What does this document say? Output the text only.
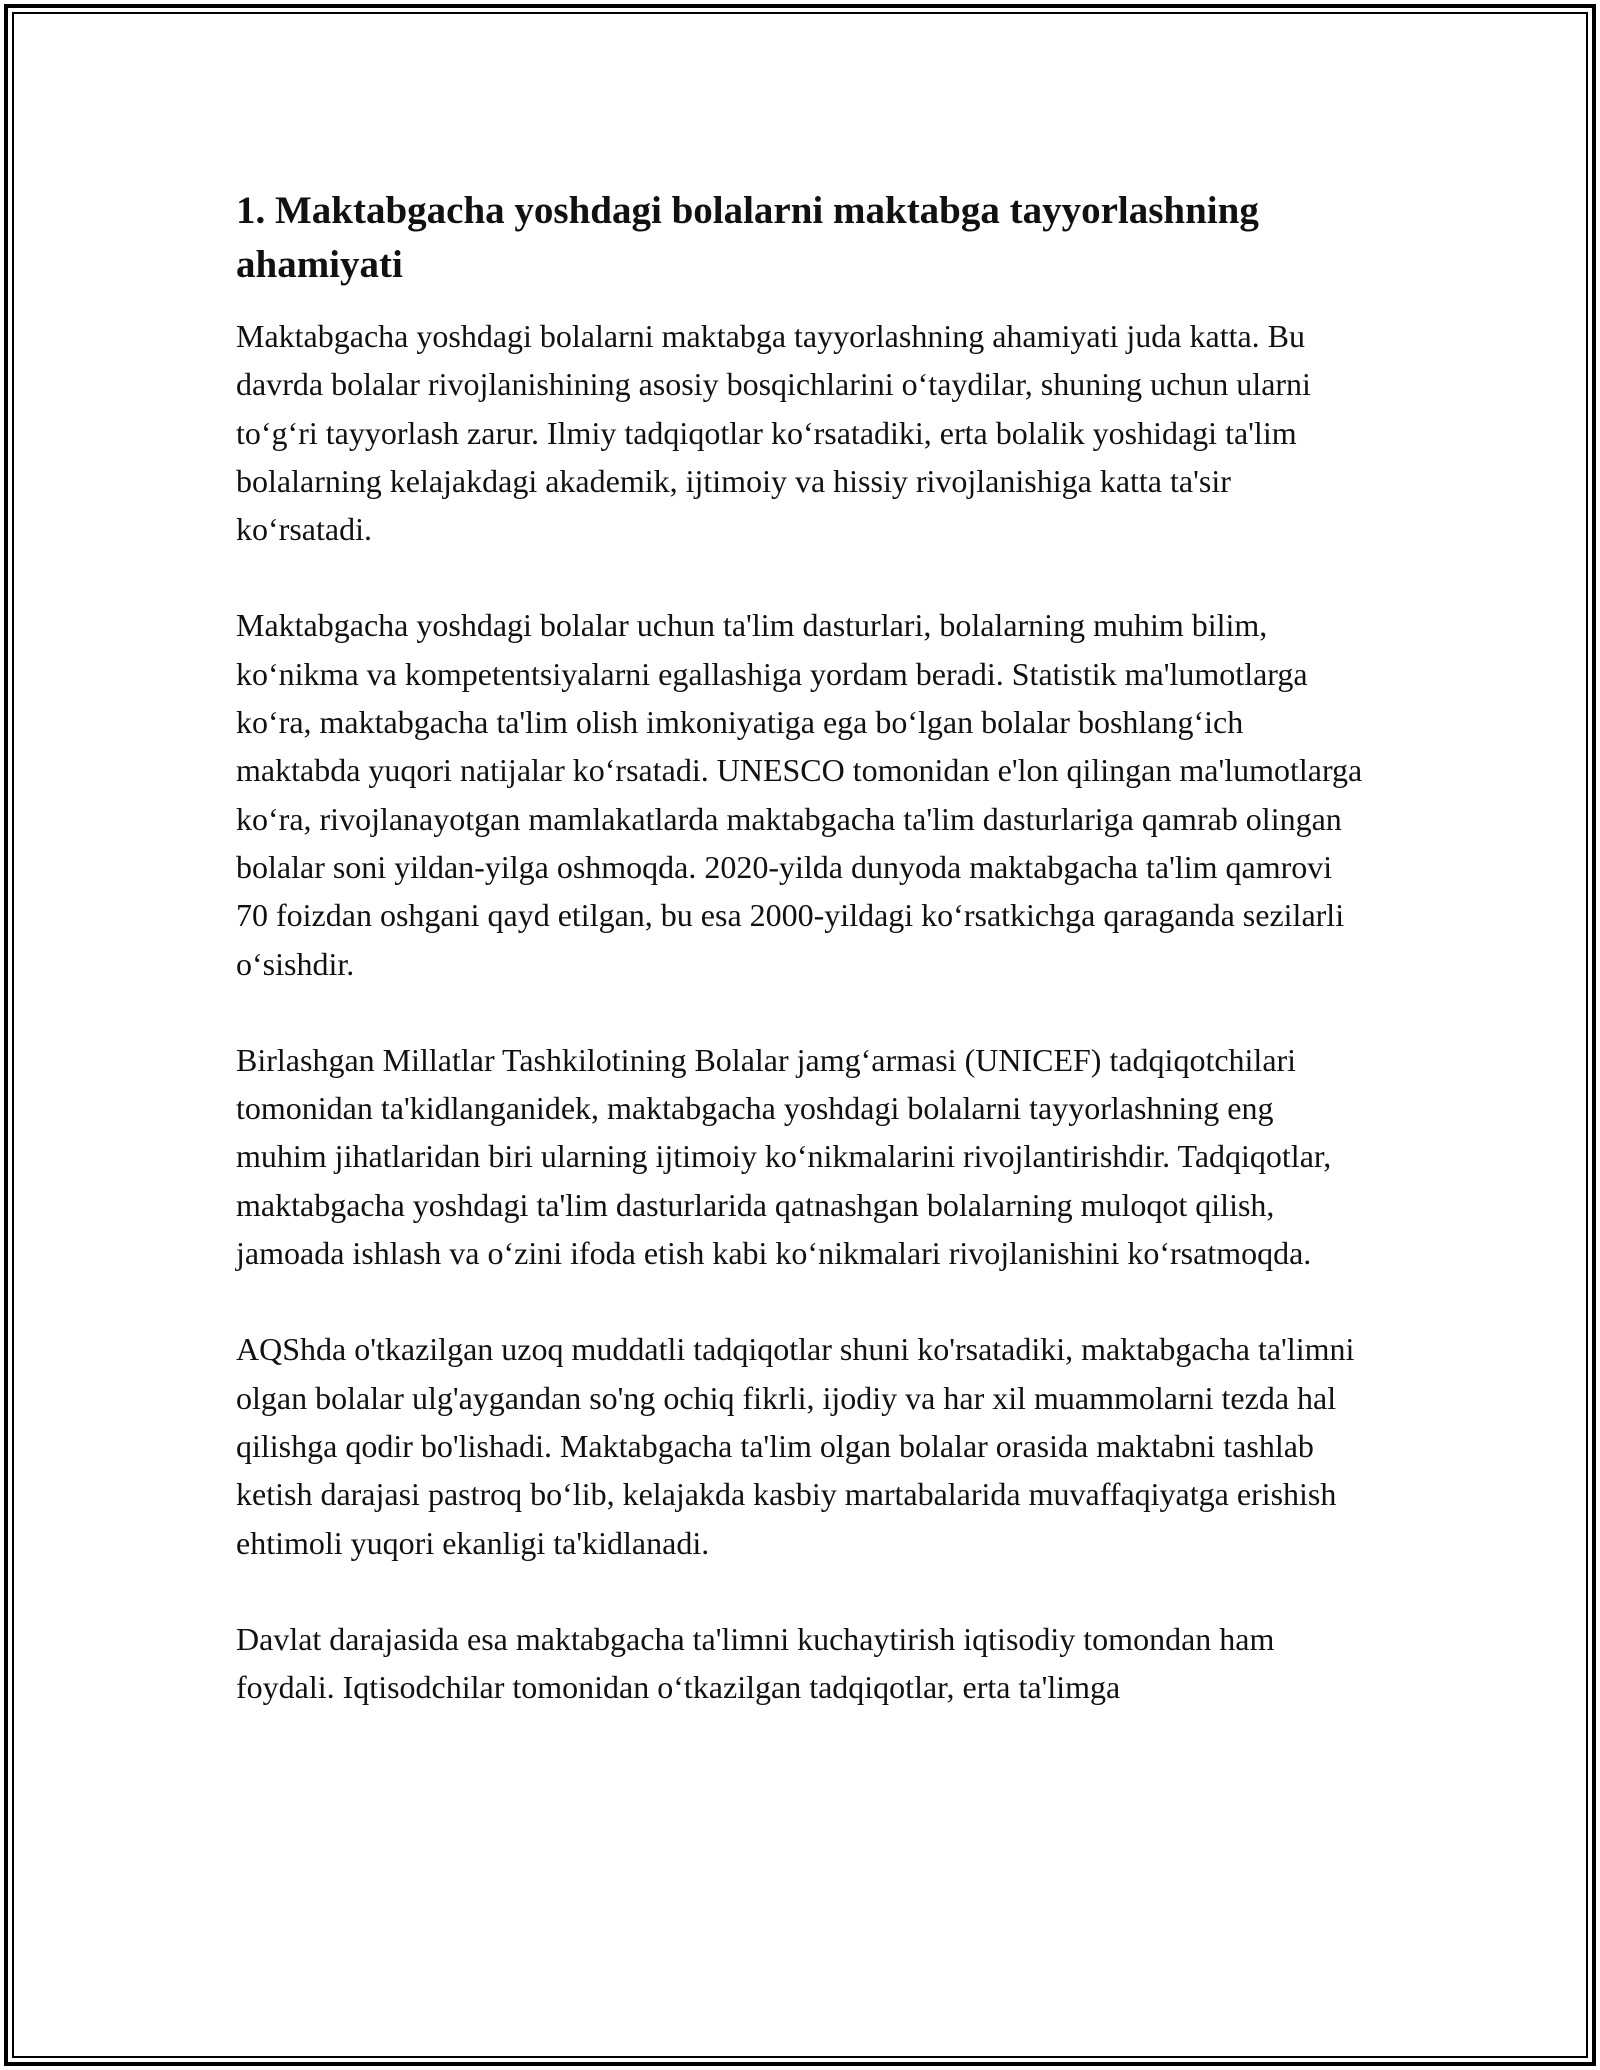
1. Maktabgacha yoshdagi bolalarni maktabga tayyorlashning ahamiyati

Maktabgacha yoshdagi bolalarni maktabga tayyorlashning ahamiyati juda katta. Bu davrda bolalar rivojlanishining asosiy bosqichlarini o‘taydilar, shuning uchun ularni to‘g‘ri tayyorlash zarur. Ilmiy tadqiqotlar ko‘rsatadiki, erta bolalik yoshidagi ta'lim bolalarning kelajakdagi akademik, ijtimoiy va hissiy rivojlanishiga katta ta'sir ko‘rsatadi.

Maktabgacha yoshdagi bolalar uchun ta'lim dasturlari, bolalarning muhim bilim, ko‘nikma va kompetentsiyalarni egallashiga yordam beradi. Statistik ma'lumotlarga ko‘ra, maktabgacha ta'lim olish imkoniyatiga ega bo‘lgan bolalar boshlang‘ich maktabda yuqori natijalar ko‘rsatadi. UNESCO tomonidan e'lon qilingan ma'lumotlarga ko‘ra, rivojlanayotgan mamlakatlarda maktabgacha ta'lim dasturlariga qamrab olingan bolalar soni yildan-yilga oshmoqda. 2020-yilda dunyoda maktabgacha ta'lim qamrovi 70 foizdan oshgani qayd etilgan, bu esa 2000-yildagi ko‘rsatkichga qaraganda sezilarli o‘sishdir.

Birlashgan Millatlar Tashkilotining Bolalar jamg‘armasi (UNICEF) tadqiqotchilari tomonidan ta'kidlanganidek, maktabgacha yoshdagi bolalarni tayyorlashning eng muhim jihatlaridan biri ularning ijtimoiy ko‘nikmalarini rivojlantirishdir. Tadqiqotlar, maktabgacha yoshdagi ta'lim dasturlarida qatnashgan bolalarning muloqot qilish, jamoada ishlash va o‘zini ifoda etish kabi ko‘nikmalari rivojlanishini ko‘rsatmoqda.

AQShda o'tkazilgan uzoq muddatli tadqiqotlar shuni ko'rsatadiki, maktabgacha ta'limni olgan bolalar ulg'aygandan so'ng ochiq fikrli, ijodiy va har xil muammolarni tezda hal qilishga qodir bo'lishadi. Maktabgacha ta'lim olgan bolalar orasida maktabni tashlab ketish darajasi pastroq bo‘lib, kelajakda kasbiy martabalarida muvaffaqiyatga erishish ehtimoli yuqori ekanligi ta'kidlanadi.

Davlat darajasida esa maktabgacha ta'limni kuchaytirish iqtisodiy tomondan ham foydali. Iqtisodchilar tomonidan o‘tkazilgan tadqiqotlar, erta ta'limga
